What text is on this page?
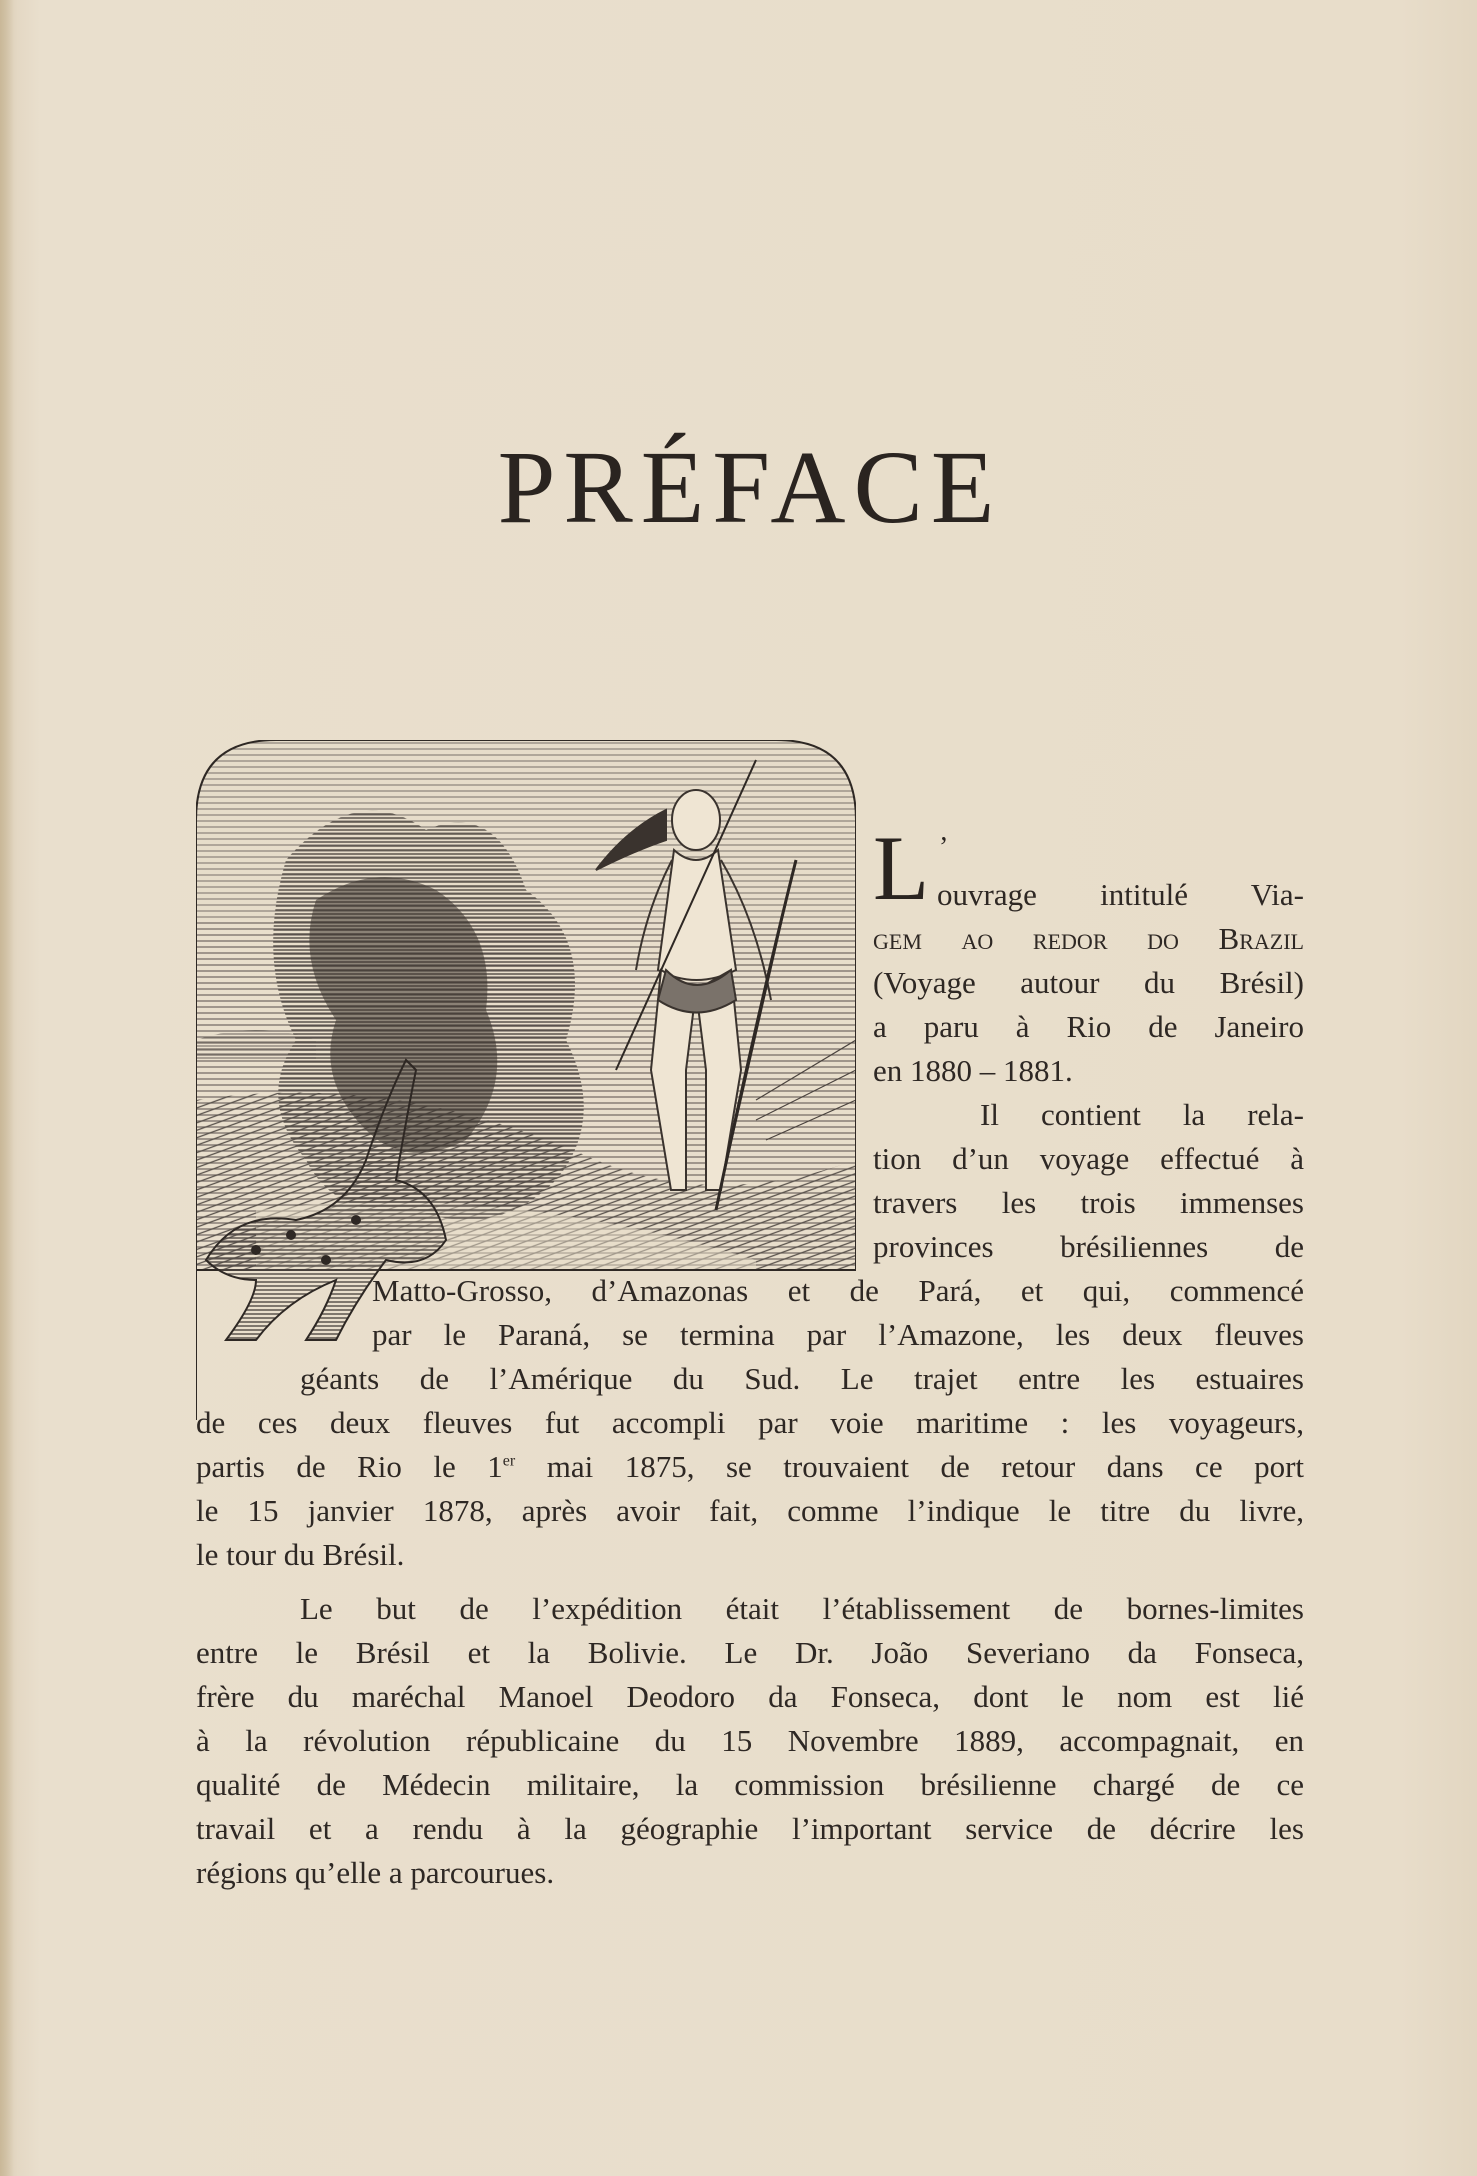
PRÉFACE
L ’
ouvrage intitulé Via-
gem ao redor do Brazil
(Voyage autour du Brésil)
a paru à Rio de Janeiro
en 1880 – 1881.
Il contient la rela-
tion d’un voyage effectué à
travers les trois immenses
provinces brésiliennes de
Matto-Grosso, d’Amazonas et de Pará, et qui, commencé
par le Paraná, se termina par l’Amazone, les deux fleuves
géants de l’Amérique du Sud. Le trajet entre les estuaires
de ces deux fleuves fut accompli par voie maritime : les voyageurs,
partis de Rio le 1er mai 1875, se trouvaient de retour dans ce port
le 15 janvier 1878, après avoir fait, comme l’indique le titre du livre,
le tour du Brésil.
Le but de l’expédition était l’établissement de bornes-limites
entre le Brésil et la Bolivie. Le Dr. João Severiano da Fonseca,
frère du maréchal Manoel Deodoro da Fonseca, dont le nom est lié
à la révolution républicaine du 15 Novembre 1889, accompagnait, en
qualité de Médecin militaire, la commission brésilienne chargé de ce
travail et a rendu à la géographie l’important service de décrire les
régions qu’elle a parcourues.
